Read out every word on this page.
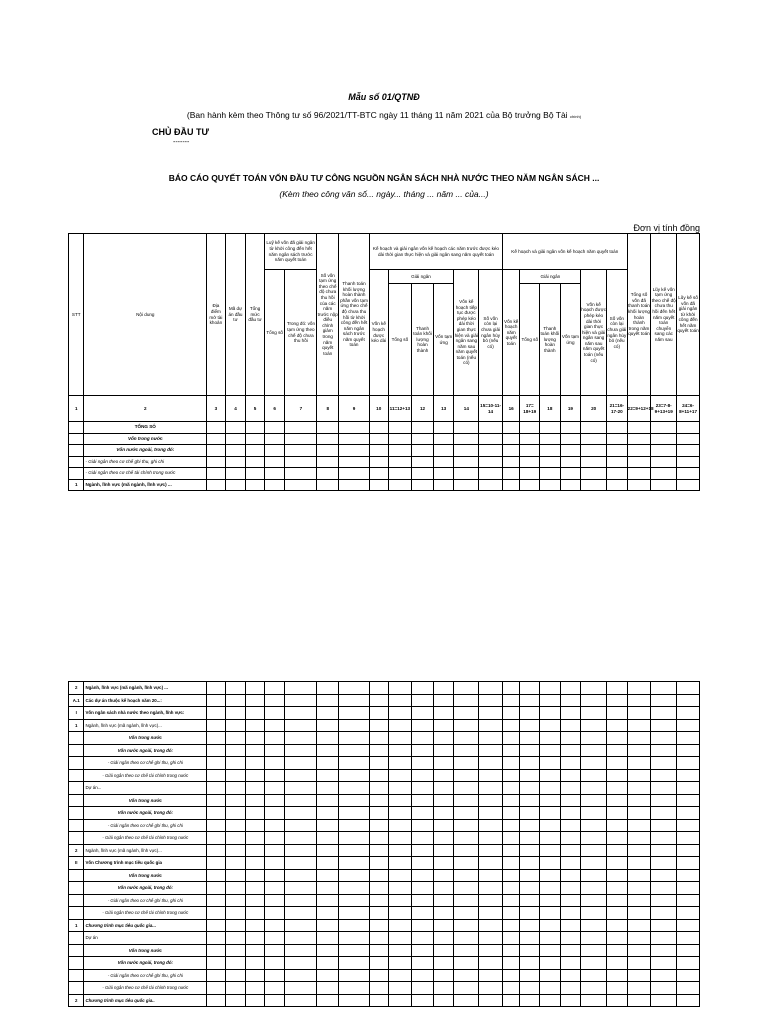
Mẫu số 01/QTNĐ
(Ban hành kèm theo Thông tư số 96/2021/TT-BTC ngày 11 tháng 11 năm 2021 của Bộ trưởng Bộ Tài chính)
CHỦ ĐẦU TƯ
-------
BÁO CÁO QUYẾT TOÁN VỐN ĐẦU TƯ CÔNG NGUỒN NGÂN SÁCH NHÀ NƯỚC THEO NĂM NGÂN SÁCH ...
(Kèm theo công văn số... ngày... tháng ... năm ... của...)
Đơn vị tính đồng
STT	Nội dung	Địa điểm mở tài khoản	Mã dự án đầu tư	Tổng mức đầu tư	Luỹ kế vốn đã giải ngân từ khởi công đến hết năm ngân sách trước năm quyết toán		Số vốn tạm ứng theo chế độ chưa thu hồi của các năm trước nộp điều chỉnh giảm trong năm quyết toán	Thanh toán khối lượng hoàn thành phần vốn tạm ứng theo chế độ chưa thu hồi từ khởi công đến hết năm ngân sách trước năm quyết toán	Kế hoạch và giải ngân vốn kế hoạch các năm trước được kéo dài thời gian thực hiện và giải ngân sang năm quyết toán						Kế hoạch và giải ngân vốn kế hoạch năm quyết toán						Tổng số vốn đã thanh toán khối lượng hoàn thành trong năm quyết toán	Lũy kế vốn tạm ứng theo chế độ chưa thu hồi đến hết năm quyết toán chuyển sang các năm sau	Lũy kế số vốn đã giải ngân từ khởi công đến hết năm quyết toán
					Tổng số	Trong đó: vốn tạm ứng theo chế độ chưa thu hồi			Vốn kế hoạch được kéo dài	Giải ngân			Vốn kế hoạch tiếp tục được phép kéo dài thời gian thực hiện và giải ngân sang năm sau năm quyết toán (nếu có)	Số vốn còn lại chưa giải ngân hủy bỏ (nếu có)	Vốn kế hoạch năm quyết toán	Giải ngân			Vốn kế hoạch được phép kéo dài thời gian thực hiện và giải ngân sang năm sau năm quyết toán (nếu có)	Số vốn còn lại chưa giải ngân hủy bỏ (nếu có)			
										Tổng số	Thanh toán khối lượng hoàn thành	Vốn tạm ứng				Tổng số	Thanh toán khối lượng hoàn thành	Vốn tạm ứng					
1	2	3	4	5	6	7	8	9	10	11=12+13	12	13	14	15=10-11-14	16	17= 18+19	18	19	20	21=16-17-20	22=9+12+18	23=7-8-9+13+19	24=6-8+11+17
	TỔNG SỐ																						
	Vốn trong nước																						
	Vốn nước ngoài, trong đó:																						
	- Giải ngân theo cơ chế ghi thu, ghi chi																						
	- Giải ngân theo cơ chế tài chính trong nước																						
1	Ngành, lĩnh vực (mã ngành, lĩnh vực) ...																						
2	Ngành, lĩnh vực (mã ngành, lĩnh vực) ...																						
A.1	Các dự án thuộc kế hoạch năm 20...:																						
I	Vốn ngân sách nhà nước theo ngành, lĩnh vực:																						
1	Ngành, lĩnh vực (mã ngành, lĩnh vực)...																						
	Vốn trong nước																						
	Vốn nước ngoài, trong đó:																						
	- Giải ngân theo cơ chế ghi thu, ghi chi																						
	- Giải ngân theo cơ chế tài chính trong nước																						
	Dự án...																						
	Vốn trong nước																						
	Vốn nước ngoài, trong đó:																						
	- Giải ngân theo cơ chế ghi thu, ghi chi																						
	- Giải ngân theo cơ chế tài chính trong nước																						
2	Ngành, lĩnh vực (mã ngành, lĩnh vực)...																						
II	Vốn Chương trình mục tiêu quốc gia																						
	Vốn trong nước																						
	Vốn nước ngoài, trong đó:																						
	- Giải ngân theo cơ chế ghi thu, ghi chi																						
	- Giải ngân theo cơ chế tài chính trong nước																						
1	Chương trình mục tiêu quốc gia...																						
	Dự án																						
	Vốn trong nước																						
	Vốn nước ngoài, trong đó:																						
	- Giải ngân theo cơ chế ghi thu, ghi chi																						
	- Giải ngân theo cơ chế tài chính trong nước																						
2	Chương trình mục tiêu quốc gia..																						
